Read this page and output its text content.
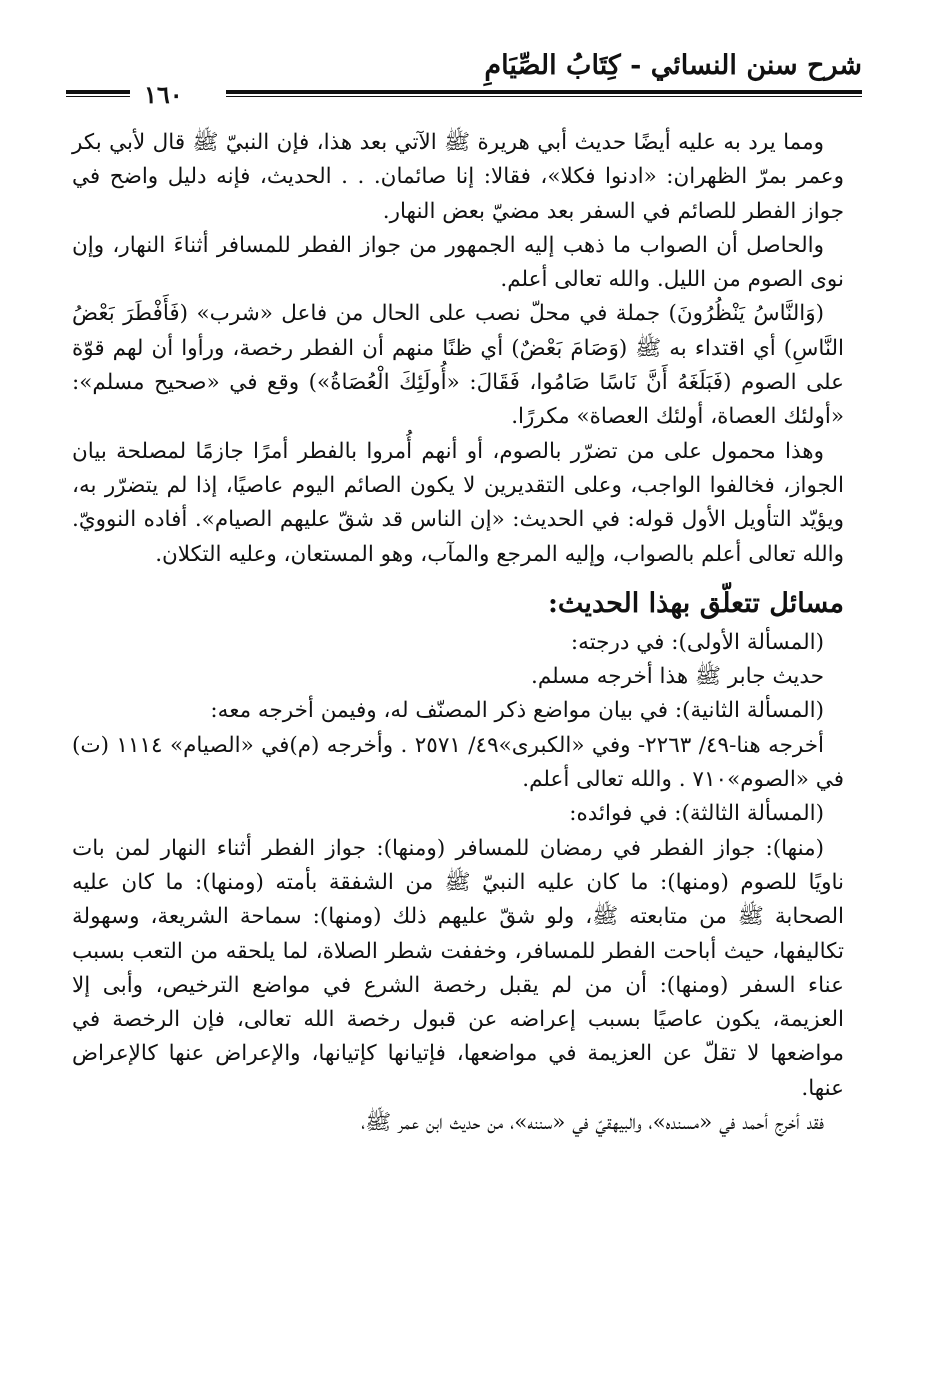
شرح سنن النسائي - كِتَابُ الصِّيَامِ
١٦٠

ومما يرد به عليه أيضًا حديث أبي هريرة ﷺ الآتي بعد هذا، فإن النبيّ ﷺ قال لأبي بكر وعمر بمرّ الظهران: «ادنوا فكلا»، فقالا: إنا صائمان. . . الحديث، فإنه دليل واضح في جواز الفطر للصائم في السفر بعد مضيّ بعض النهار.

والحاصل أن الصواب ما ذهب إليه الجمهور من جواز الفطر للمسافر أثناءَ النهار، وإن نوى الصوم من الليل. والله تعالى أعلم.

(وَالنَّاسُ يَنْظُرُونَ) جملة في محلّ نصب على الحال من فاعل «شرب» (فَأَفْطَرَ بَعْضُ النَّاسِ) أي اقتداء به ﷺ (وَصَامَ بَعْضٌ) أي ظنًا منهم أن الفطر رخصة، ورأوا أن لهم قوّة على الصوم (فَبَلَغَهُ أَنَّ نَاسًا صَامُوا، فَقَالَ: «أُولَئِكَ الْعُصَاةُ») وقع في «صحيح مسلم»: «أولئك العصاة، أولئك العصاة» مكررًا.

وهذا محمول على من تضرّر بالصوم، أو أنهم أُمروا بالفطر أمرًا جازمًا لمصلحة بيان الجواز، فخالفوا الواجب، وعلى التقديرين لا يكون الصائم اليوم عاصيًا، إذا لم يتضرّر به، ويؤيّد التأويل الأول قوله: في الحديث: «إن الناس قد شقّ عليهم الصيام». أفاده النوويّ. والله تعالى أعلم بالصواب، وإليه المرجع والمآب، وهو المستعان، وعليه التكلان.

مسائل تتعلّق بهذا الحديث:

(المسألة الأولى): في درجته:

حديث جابر ﷺ هذا أخرجه مسلم.

(المسألة الثانية): في بيان مواضع ذكر المصنّف له، وفيمن أخرجه معه:

أخرجه هنا-٤٩/ ٢٢٦٣- وفي «الكبرى»٤٩/ ٢٥٧١ . وأخرجه (م)في «الصيام» ١١١٤ (ت) في «الصوم»٧١٠ . والله تعالى أعلم.

(المسألة الثالثة): في فوائده:

(منها): جواز الفطر في رمضان للمسافر (ومنها): جواز الفطر أثناء النهار لمن بات ناويًا للصوم (ومنها): ما كان عليه النبيّ ﷺ من الشفقة بأمته (ومنها): ما كان عليه الصحابة ﷺ من متابعته ﷺ، ولو شقّ عليهم ذلك (ومنها): سماحة الشريعة، وسهولة تكاليفها، حيث أباحت الفطر للمسافر، وخففت شطر الصلاة، لما يلحقه من التعب بسبب عناء السفر (ومنها): أن من لم يقبل رخصة الشرع في مواضع الترخيص، وأبى إلا العزيمة، يكون عاصيًا بسبب إعراضه عن قبول رخصة الله تعالى، فإن الرخصة في مواضعها لا تقلّ عن العزيمة في مواضعها، فإتيانها كإتيانها، والإعراض عنها كالإعراض عنها.

فقد أخرج أحمد في «مسنده»، والبيهقيّ في «سننه»، من حديث ابن عمر ﷺ،
